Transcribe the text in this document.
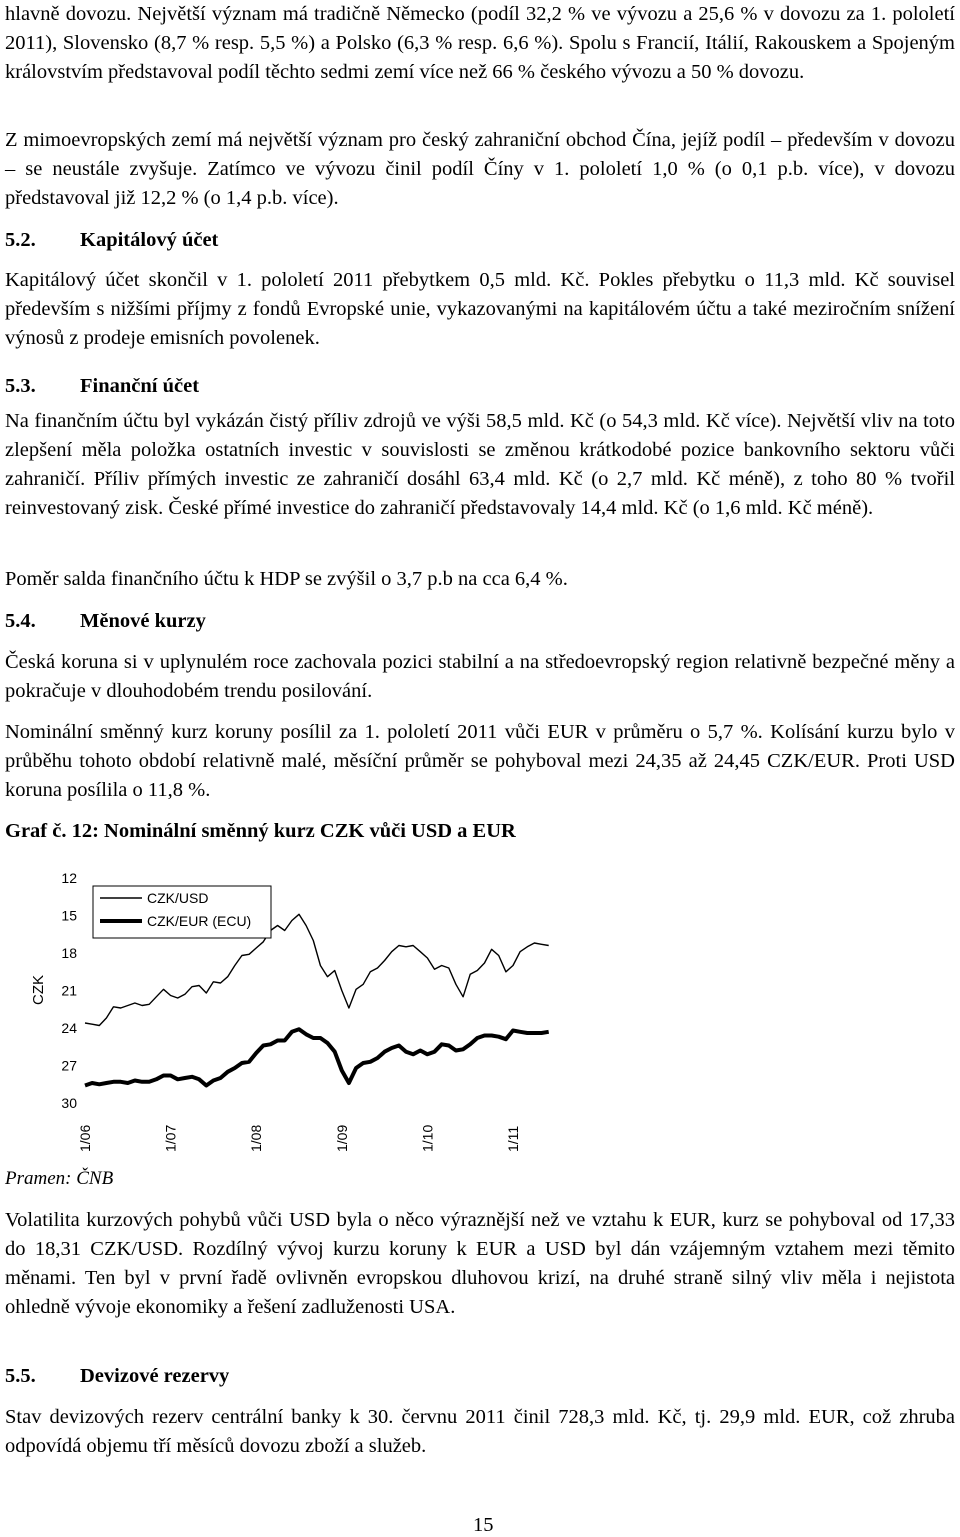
hlavně dovozu. Největší význam má tradičně Německo (podíl 32,2 % ve vývozu a 25,6 % v dovozu za 1. pololetí 2011), Slovensko (8,7 % resp. 5,5 %) a Polsko (6,3 % resp. 6,6 %). Spolu s Francií, Itálií, Rakouskem a Spojeným královstvím představoval podíl těchto sedmi zemí více než 66 % českého vývozu a 50 % dovozu.

Z mimoevropských zemí má největší význam pro český zahraniční obchod Čína, jejíž podíl – především v dovozu – se neustále zvyšuje. Zatímco ve vývozu činil podíl Číny v 1. pololetí 1,0 % (o 0,1 p.b. více), v dovozu představoval již 12,2 % (o 1,4 p.b. více).

5.2. Kapitálový účet

Kapitálový účet skončil v 1. pololetí 2011 přebytkem 0,5 mld. Kč. Pokles přebytku o 11,3 mld. Kč souvisel především s nižšími příjmy z fondů Evropské unie, vykazovanými na kapitálovém účtu a také meziročním snížení výnosů z prodeje emisních povolenek.

5.3. Finanční účet

Na finančním účtu byl vykázán čistý příliv zdrojů ve výši 58,5 mld. Kč (o 54,3 mld. Kč více). Největší vliv na toto zlepšení měla položka ostatních investic v souvislosti se změnou krátkodobé pozice bankovního sektoru vůči zahraničí. Příliv přímých investic ze zahraničí dosáhl 63,4 mld. Kč (o 2,7 mld. Kč méně), z toho 80 % tvořil reinvestovaný zisk. České přímé investice do zahraničí představovaly 14,4 mld. Kč (o 1,6 mld. Kč méně).

Poměr salda finančního účtu k HDP se zvýšil o 3,7 p.b na cca 6,4 %.

5.4. Měnové kurzy

Česká koruna si v uplynulém roce zachovala pozici stabilní a na středoevropský region relativně bezpečné měny a pokračuje v dlouhodobém trendu posilování.

Nominální směnný kurz koruny posílil za 1. pololetí 2011 vůči EUR v průměru o 5,7 %. Kolísání kurzu bylo v průběhu tohoto období relativně malé, měsíční průměr se pohyboval mezi 24,35 až 24,45 CZK/EUR. Proti USD koruna posílila o 11,8 %.

Graf č. 12: Nominální směnný kurz CZK vůči USD a EUR
CZK
12
15
18
21
24
27
30
1/06	1/07	1/08	1/09	1/10	1/11
CZK/USD
CZK/EUR (ECU)
Pramen: ČNB

Volatilita kurzových pohybů vůči USD byla o něco výraznější než ve vztahu k EUR, kurz se pohyboval od 17,33 do 18,31 CZK/USD. Rozdílný vývoj kurzu koruny k EUR a USD byl dán vzájemným vztahem mezi těmito měnami. Ten byl v první řadě ovlivněn evropskou dluhovou krizí, na druhé straně silný vliv měla i nejistota ohledně vývoje ekonomiky a řešení zadluženosti USA.

5.5. Devizové rezervy

Stav devizových rezerv centrální banky k 30. červnu 2011 činil 728,3 mld. Kč, tj. 29,9 mld. EUR, což zhruba odpovídá objemu tří měsíců dovozu zboží a služeb.

15
